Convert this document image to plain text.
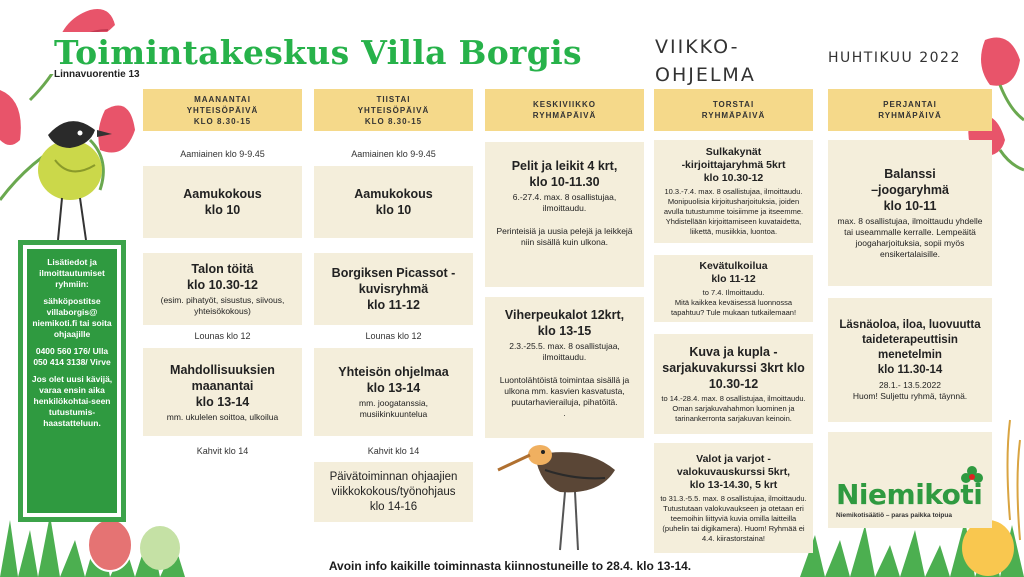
Toimintakeskus Villa Borgis
Linnavuorentie 13
VIIKKO-
OHJELMA
HUHTIKUU 2022
MAANANTAI
YHTEISÖPÄIVÄ
KLO 8.30-15
TIISTAI
YHTEISÖPÄIVÄ
KLO 8.30-15
KESKIVIIKKO
RYHMÄPÄIVÄ
TORSTAI
RYHMÄPÄIVÄ
PERJANTAI
RYHMÄPÄIVÄ
Aamiainen klo 9-9.45
Aamukokous
klo 10
Talon töitä
klo 10.30-12
(esim. pihatyöt, sisustus, siivous, yhteisökokous)
Lounas klo 12
Mahdollisuuksien
maanantai
klo 13-14
mm. ukulelen soittoa, ulkoilua
Kahvit klo 14
Aamiainen klo 9-9.45
Aamukokous
klo 10
Borgiksen Picassot -
kuvisryhmä
klo 11-12
Lounas klo 12
Yhteisön ohjelmaa
klo 13-14
mm. joogatanssia,
musiikinkuuntelua
Kahvit klo 14
Päivätoiminnan ohjaajien
viikkokokous/työnohjaus
klo 14-16
Pelit ja leikit 4 krt,
klo 10-11.30
6.-27.4. max. 8 osallistujaa,
ilmoittaudu.
Perinteisiä ja uusia pelejä ja leikkejä niin sisällä kuin ulkona.
Viherpeukalot 12krt,
klo 13-15
2.3.-25.5. max. 8 osallistujaa,
ilmoittaudu.
Luontolähtöistä toimintaa sisällä ja ulkona mm. kasvien kasvatusta, puutarhavierailuja, pihatöitä.
.
Sulkakynät
-kirjoittajaryhmä 5krt
klo 10.30-12
10.3.-7.4. max. 8 osallistujaa, ilmoittaudu. Monipuolisia kirjoitusharjoituksia, joiden avulla tutustumme toisiimme ja itseemme. Yhdistellään kirjoittamiseen kuvataidetta, liikettä, musiikkia, luontoa.
Kevätulkoilua
klo 11-12
to 7.4. Ilmoittaudu.
Mitä kaikkea keväisessä luonnossa tapahtuu? Tule mukaan tutkailemaan!
Kuva ja kupla -
sarjakuvakurssi 3krt klo
10.30-12
to 14.-28.4. max. 8 osallistujaa, ilmoittaudu. Oman sarjakuvahahmon luominen ja tarinankerronta sarjakuvan keinoin.
Valot ja varjot -
valokuvauskurssi 5krt,
klo 13-14.30, 5 krt
to 31.3.-5.5. max. 8 osallistujaa, ilmoittaudu. Tutustutaan valokuvaukseen ja otetaan eri teemoihin liittyviä kuvia omilla laitteilla (puhelin tai digikamera). Huom! Ryhmää ei 4.4. kiirastorstaina!
Balanssi
–joogaryhmä
klo 10-11
max. 8 osallistujaa, ilmoittaudu yhdelle tai useammalle kerralle. Lempeäitä joogaharjoituksia, sopii myös ensikertalaisille.
Läsnäoloa, iloa, luovuutta
taideterapeuttisin
menetelmin
klo 11.30-14
28.1.- 13.5.2022
Huom! Suljettu ryhmä, täynnä.
Niemikoti
Niemikotisäätiö – paras paikka toipua

Lisätiedot ja ilmoittautumiset ryhmiin:

sähköpostitse villaborgis@ niemikoti.fi tai soita ohjaajille

0400 560 176/ Ulla 050 414 3138/ Virve

Jos olet uusi kävijä, varaa ensin aika henkilökohtai-seen tutustumis-haastatteluun.

Avoin info kaikille toiminnasta kiinnostuneille to 28.4. klo 13-14.
